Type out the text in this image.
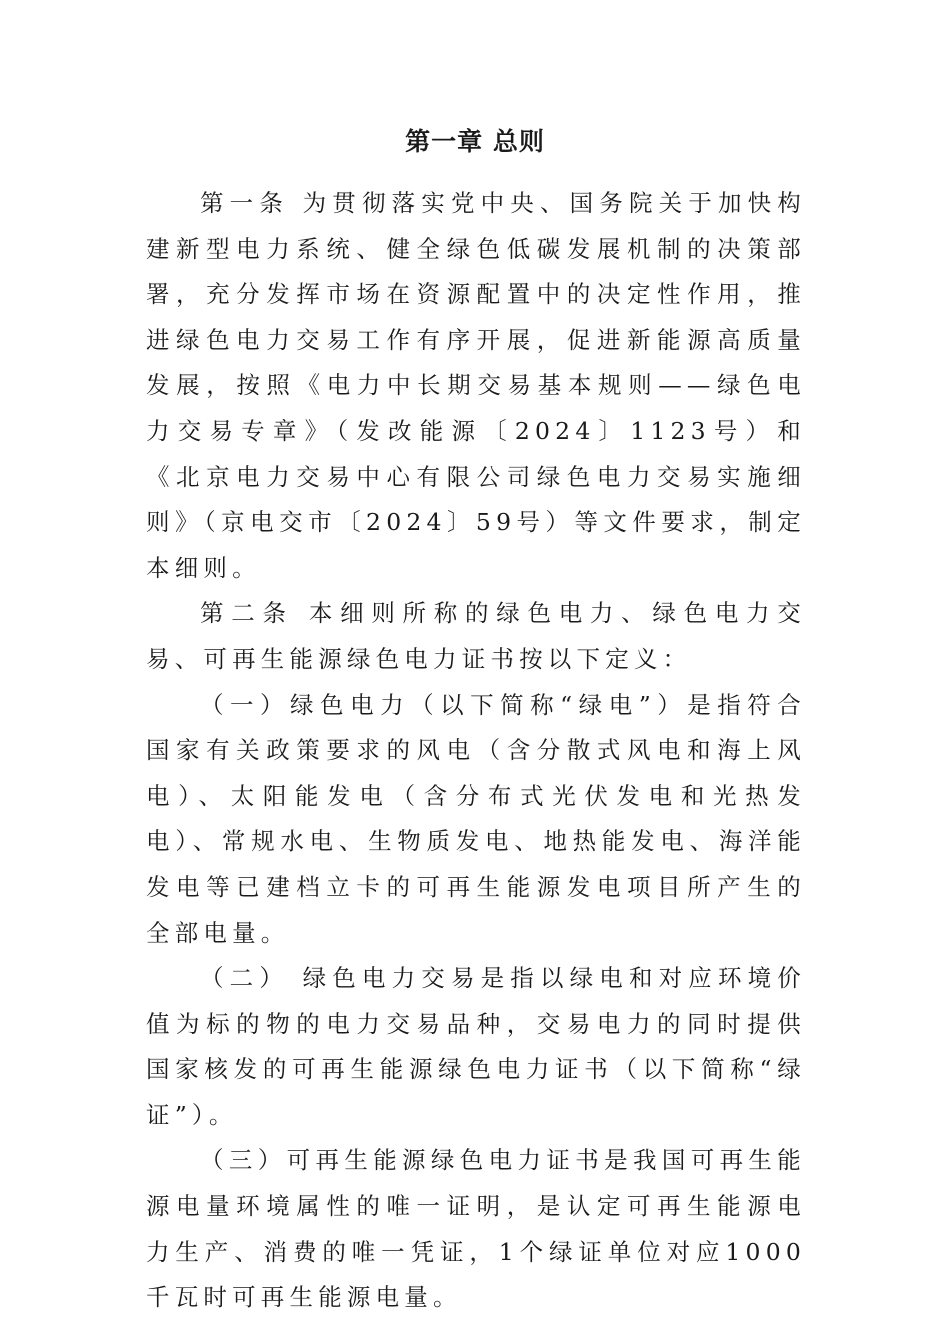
第一章 总则

第一条 为贯彻落实党中央、国务院关于加快构建新型电力系统、健全绿色低碳发展机制的决策部署，充分发挥市场在资源配置中的决定性作用，推进绿色电力交易工作有序开展，促进新能源高质量发展，按照《电力中长期交易基本规则——绿色电力交易专章》（发改能源〔2024〕1123号）和《北京电力交易中心有限公司绿色电力交易实施细则》（京电交市〔2024〕59号）等文件要求，制定本细则。

第二条 本细则所称的绿色电力、绿色电力交易、可再生能源绿色电力证书按以下定义：

（一）绿色电力（以下简称“绿电”）是指符合国家有关政策要求的风电（含分散式风电和海上风电）、太阳能发电（含分布式光伏发电和光热发电）、常规水电、生物质发电、地热能发电、海洋能发电等已建档立卡的可再生能源发电项目所产生的全部电量。

（二） 绿色电力交易是指以绿电和对应环境价值为标的物的电力交易品种，交易电力的同时提供国家核发的可再生能源绿色电力证书（以下简称“绿证”）。

（三）可再生能源绿色电力证书是我国可再生能源电量环境属性的唯一证明，是认定可再生能源电力生产、消费的唯一凭证，1个绿证单位对应1000千瓦时可再生能源电量。
